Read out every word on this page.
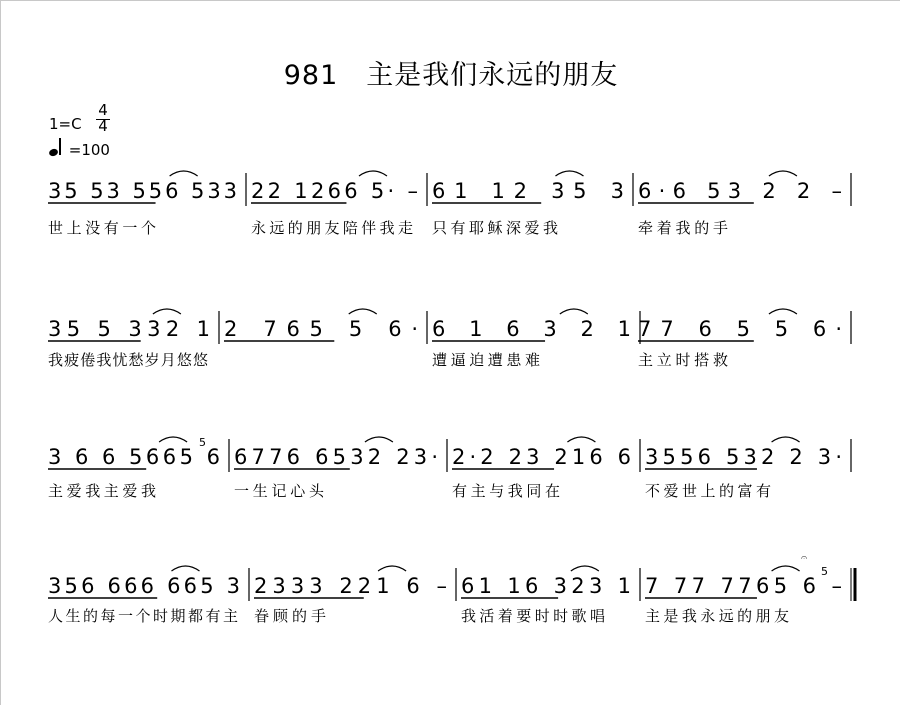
981　主是我们永远的朋友
1=C
4
4

=100
35 53 556 533
世上没有一个
22 1266 5· –
永远的朋友陪伴我走
61 12 35 3
只有耶稣深爱我
6·6 53 2 2 –
牵着我的手
35 5 332 1
我疲倦我忧愁岁月悠悠
2 765 5 6· 6 1 6 3 2 1
遭逼迫遭患难
77 6 5 5 6·
主立时搭救
3 6 6 5665 6
5
主爱我主爱我
6776 6532 23·
一生记心头
2·2 23 216 6
有主与我同在
3556 532 2 3·
不爱世上的富有
356 666 665 3
人生的每一个时期都有主
2333 221 6 –
眷顾的手
61 16 323 1
我活着要时时歌唱
7 77 7765 6 –
5
主是我永远的朋友
𝄐
